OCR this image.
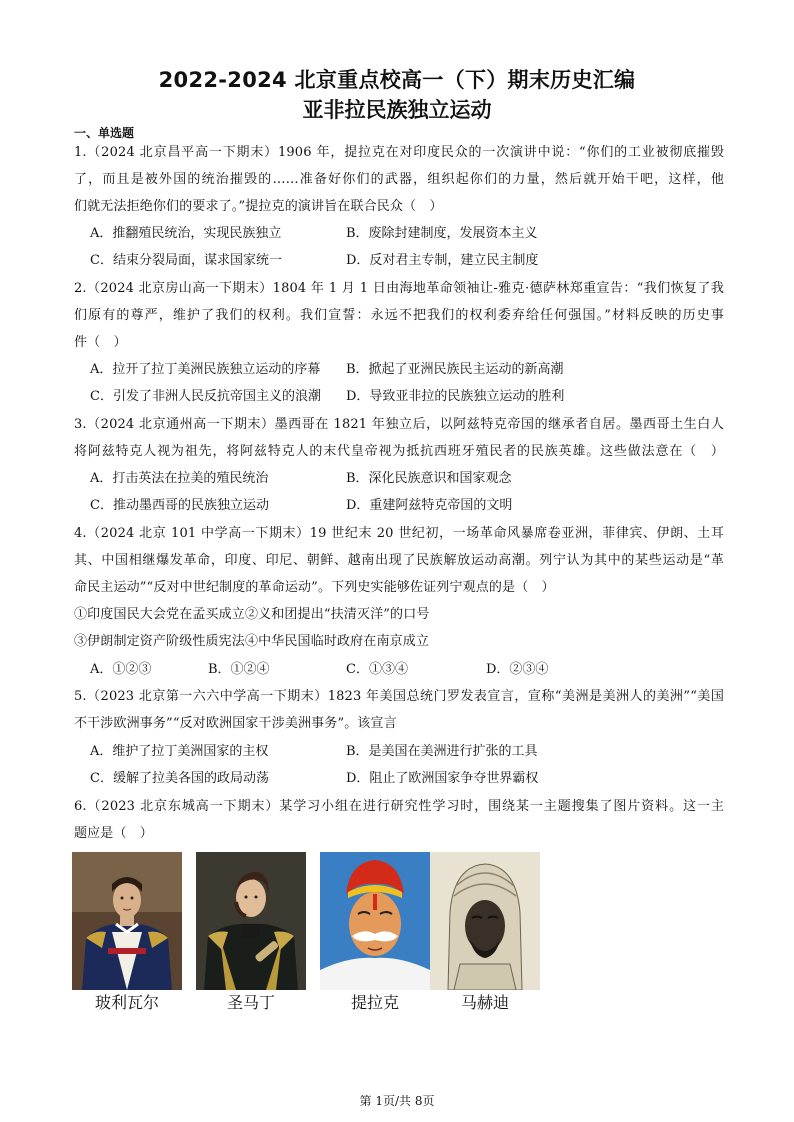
2022-2024 北京重点校高一（下）期末历史汇编
亚非拉民族独立运动
一、单选题
1.（2024 北京昌平高一下期末）1906 年，提拉克在对印度民众的一次演讲中说：“你们的工业被彻底摧毁
了，而且是被外国的统治摧毁的……准备好你们的武器，组织起你们的力量，然后就开始干吧，这样，他
们就无法拒绝你们的要求了。”提拉克的演讲旨在联合民众（　）
A．推翻殖民统治，实现民族独立	B．废除封建制度，发展资本主义
C．结束分裂局面，谋求国家统一	D．反对君主专制，建立民主制度
2.（2024 北京房山高一下期末）1804 年 1 月 1 日由海地革命领袖让-雅克·德萨林郑重宣告：“我们恢复了我
们原有的尊严，维护了我们的权利。我们宣誓：永远不把我们的权利委弃给任何强国。”材料反映的历史事
件（　）
A．拉开了拉丁美洲民族独立运动的序幕 B．掀起了亚洲民族民主运动的新高潮
C．引发了非洲人民反抗帝国主义的浪潮 D．导致亚非拉的民族独立运动的胜利
3.（2024 北京通州高一下期末）墨西哥在 1821 年独立后，以阿兹特克帝国的继承者自居。墨西哥土生白人
将阿兹特克人视为祖先，将阿兹特克人的末代皇帝视为抵抗西班牙殖民者的民族英雄。这些做法意在（　）
A．打击英法在拉美的殖民统治	B．深化民族意识和国家观念
C．推动墨西哥的民族独立运动	D．重建阿兹特克帝国的文明
4.（2024 北京 101 中学高一下期末）19 世纪末 20 世纪初，一场革命风暴席卷亚洲，菲律宾、伊朗、土耳
其、中国相继爆发革命，印度、印尼、朝鲜、越南出现了民族解放运动高潮。列宁认为其中的某些运动是“革
命民主运动”“反对中世纪制度的革命运动”。下列史实能够佐证列宁观点的是（　）
①印度国民大会党在孟买成立②义和团提出“扶清灭洋”的口号
③伊朗制定资产阶级性质宪法④中华民国临时政府在南京成立
A．①②③	B．①②④	C．①③④	D．②③④
5.（2023 北京第一六六中学高一下期末）1823 年美国总统门罗发表宣言，宣称“美洲是美洲人的美洲”“美国
不干涉欧洲事务”“反对欧洲国家干涉美洲事务”。该宣言
A．维护了拉丁美洲国家的主权	B．是美国在美洲进行扩张的工具
C．缓解了拉美各国的政局动荡	D．阻止了欧洲国家争夺世界霸权
6.（2023 北京东城高一下期末）某学习小组在进行研究性学习时，围绕某一主题搜集了图片资料。这一主
题应是（　）
玻利瓦尔	圣马丁	提拉克	马赫迪
第 1页/共 8页
